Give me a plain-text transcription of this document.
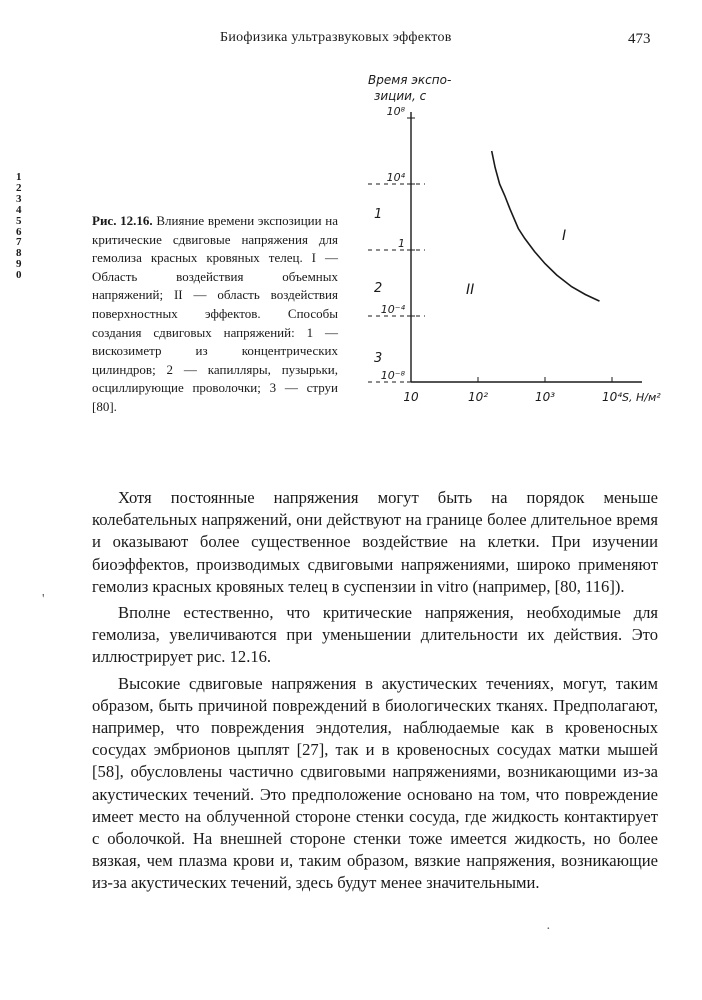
Биофизика ультразвуковых эффектов	473
1
2
3
4
5
6
7
8
9
0
Рис. 12.16. Влияние времени экспозиции на критические сдвиговые напряжения для гемолиза красных кровяных телец. I — Область воздействия объемных напряжений; II — область воздействия поверхностных эффектов. Способы создания сдвиговых напряжений: 1 — вискозиметр из концентрических цилиндров; 2 — капилляры, пузырьки, осциллирующие проволочки; 3 — струи [80].
10⁻⁸
10⁻⁴
1
10⁴
10⁸
10	10²	10³	10⁴ S, Н/м²
Время экспо-
зиции, с
I
II
1
2
3

Хотя постоянные напряжения могут быть на порядок меньше колебательных напряжений, они действуют на границе более длительное время и оказывают более существенное воздействие на клетки. При изучении биоэффектов, производимых сдвиговыми напряжениями, широко применяют гемолиз красных кровяных телец в суспензии in vitro (например, [80, 116]).

Вполне естественно, что критические напряжения, необходимые для гемолиза, увеличиваются при уменьшении длительности их действия. Это иллюстрирует рис. 12.16.

Высокие сдвиговые напряжения в акустических течениях, могут, таким образом, быть причиной повреждений в биологических тканях. Предполагают, например, что повреждения эндотелия, наблюдаемые как в кровеносных сосудах эмбрионов цыплят [27], так и в кровеносных сосудах матки мышей [58], обусловлены частично сдвиговыми напряжениями, возникающими из-за акустических течений. Это предположение основано на том, что повреждение имеет место на облученной стороне стенки сосуда, где жидкость контактирует с оболочкой. На внешней стороне стенки тоже имеется жидкость, но более вязкая, чем плазма крови и, таким образом, вязкие напряжения, возникающие из-за акустических течений, здесь будут менее значительными.

'
·
